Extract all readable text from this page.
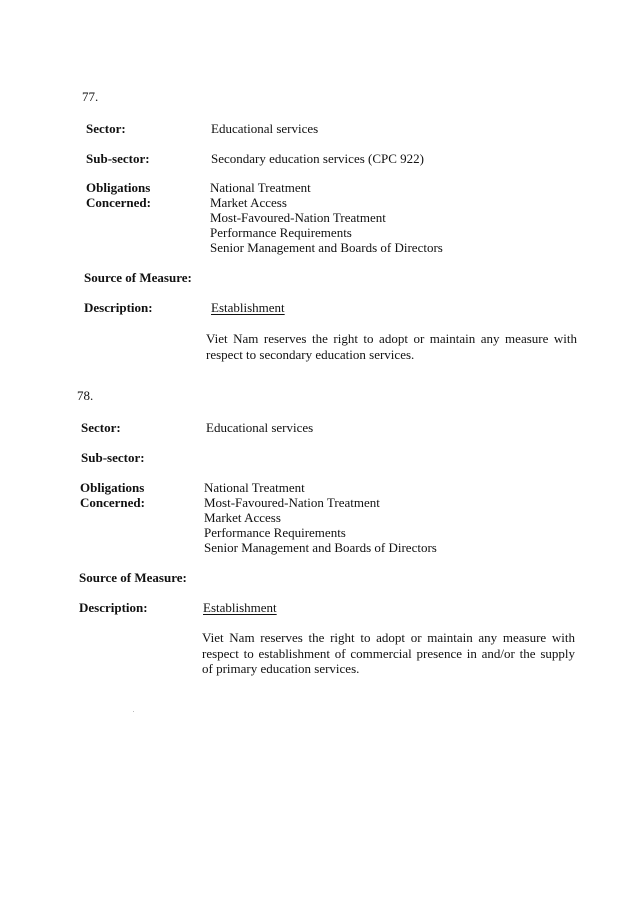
77.
Sector:	Educational services
Sub-sector:	Secondary education services (CPC 922)
Obligations
Concerned:
National Treatment
Market Access
Most-Favoured-Nation Treatment
Performance Requirements
Senior Management and Boards of Directors
Source of Measure:
Description:	Establishment
Viet Nam reserves the right to adopt or maintain any measure with respect to secondary education services.
78.
Sector:	Educational services
Sub-sector:
Obligations
Concerned:
National Treatment
Most-Favoured-Nation Treatment
Market Access
Performance Requirements
Senior Management and Boards of Directors
Source of Measure:
Description:	Establishment
Viet Nam reserves the right to adopt or maintain any measure with respect to establishment of commercial presence in and/or the supply of primary education services.
